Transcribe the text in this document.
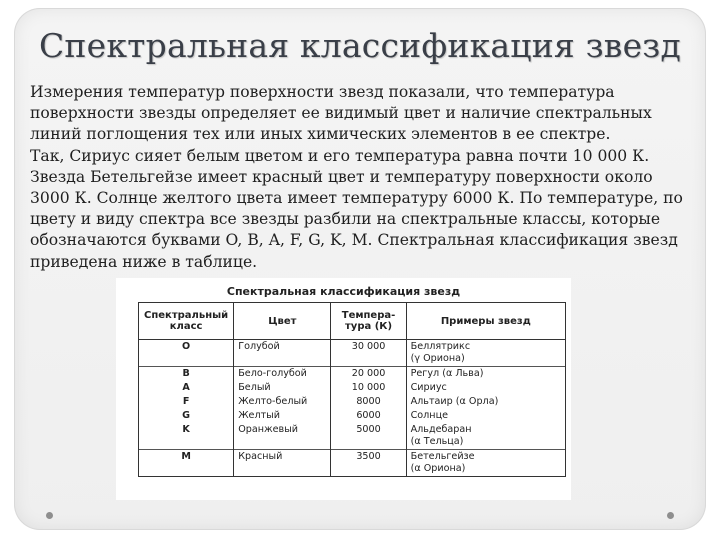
Спектральная классификация звезд

Измерения температур поверхности звезд показали, что температура поверхности звезды определяет ее видимый цвет и наличие спектральных линий поглощения тех или иных химических элементов в ее спектре.

Так, Сириус сияет белым цветом и его температура равна почти 10 000 К. Звезда Бетельгейзе имеет красный цвет и температуру поверхности около 3000 К. Солнце желтого цвета имеет температуру 6000 К. По температуре, по цвету и виду спектра все звезды разбили на спектральные классы, которые обозначаются буквами O, B, A, F, G, K, M. Спектральная классификация звезд приведена ниже в таблице.

Спектральная классификация звезд
Спектральный класс	Цвет	Темпера-тура (К)	Примеры звезд
O	Голубой	30 000	Беллятрикс
(γ Ориона)

B	Бело-голубой	20 000	Регул (α Льва)
A	Белый	10 000	Сириус
F	Желто-белый	8000	Альтаир (α Орла)
G	Желтый	6000	Солнце
K	Оранжевый	5000	Альдебаран
(α Тельца)

M	Красный	3500	Бетельгейзе
(α Ориона)
